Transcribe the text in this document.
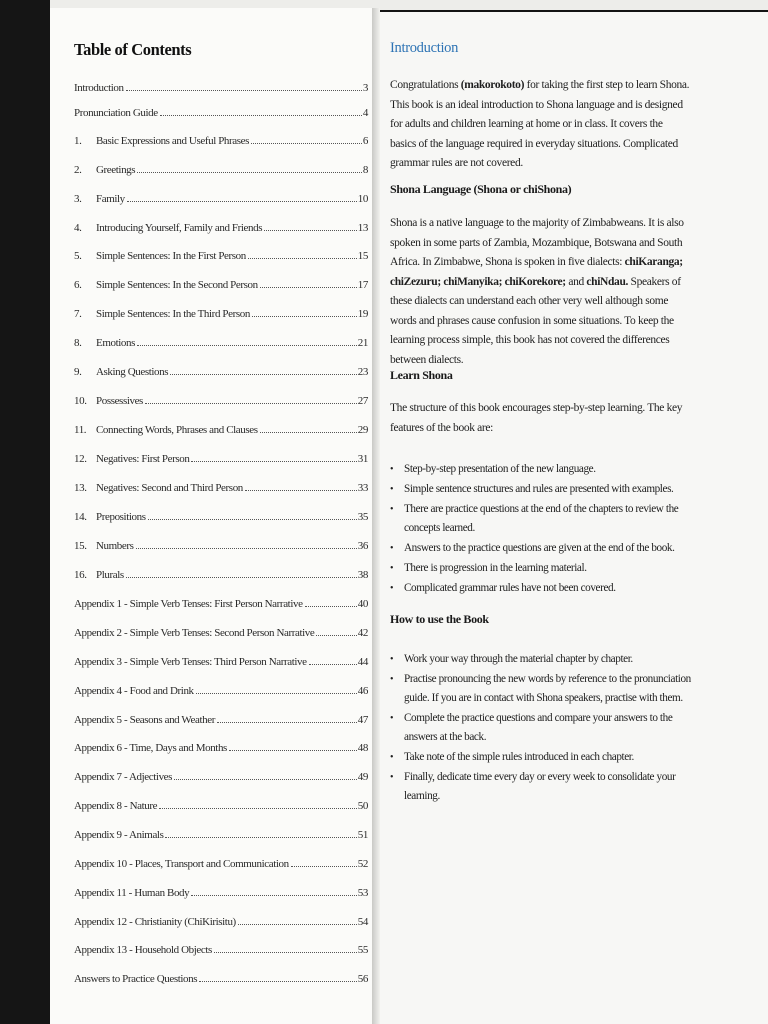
Table of Contents
Introduction	3
Pronunciation Guide	4
1.	Basic Expressions and Useful Phrases	6
2.	Greetings	8
3.	Family	10
4.	Introducing Yourself, Family and Friends	13
5.	Simple Sentences: In the First Person	15
6.	Simple Sentences: In the Second Person	17
7.	Simple Sentences: In the Third Person	19
8.	Emotions	21
9.	Asking Questions	23
10. Possessives	27
11. Connecting Words, Phrases and Clauses	29
12. Negatives: First Person	31
13. Negatives: Second and Third Person	33
14. Prepositions	35
15. Numbers	36
16. Plurals	38
Appendix 1 - Simple Verb Tenses: First Person Narrative	40
Appendix 2 - Simple Verb Tenses: Second Person Narrative	42
Appendix 3 - Simple Verb Tenses: Third Person Narrative	44
Appendix 4 - Food and Drink	46
Appendix 5 - Seasons and Weather	47
Appendix 6 - Time, Days and Months	48
Appendix 7 - Adjectives	49
Appendix 8 - Nature	50
Appendix 9 - Animals	51
Appendix 10 - Places, Transport and Communication	52
Appendix 11 - Human Body	53
Appendix 12 - Christianity (ChiKirisitu)	54
Appendix 13 - Household Objects	55
Answers to Practice Questions	56
Introduction
Congratulations (makorokoto) for taking the first step to learn Shona. This book is an ideal introduction to Shona language and is designed for adults and children learning at home or in class. It covers the basics of the language required in everyday situations. Complicated grammar rules are not covered.
Shona Language (Shona or chiShona)
Shona is a native language to the majority of Zimbabweans. It is also spoken in some parts of Zambia, Mozambique, Botswana and South Africa. In Zimbabwe, Shona is spoken in five dialects: chiKaranga; chiZezuru; chiManyika; chiKorekore; and chiNdau. Speakers of these dialects can understand each other very well although some words and phrases cause confusion in some situations. To keep the learning process simple, this book has not covered the differences between dialects.
Learn Shona
The structure of this book encourages step-by-step learning. The key features of the book are:
• Step-by-step presentation of the new language.
• Simple sentence structures and rules are presented with examples.
• There are practice questions at the end of the chapters to review the concepts learned.
• Answers to the practice questions are given at the end of the book.
• There is progression in the learning material.
• Complicated grammar rules have not been covered.
How to use the Book
• Work your way through the material chapter by chapter.
• Practise pronouncing the new words by reference to the pronunciation guide. If you are in contact with Shona speakers, practise with them.
• Complete the practice questions and compare your answers to the answers at the back.
• Take note of the simple rules introduced in each chapter.
• Finally, dedicate time every day or every week to consolidate your learning.
